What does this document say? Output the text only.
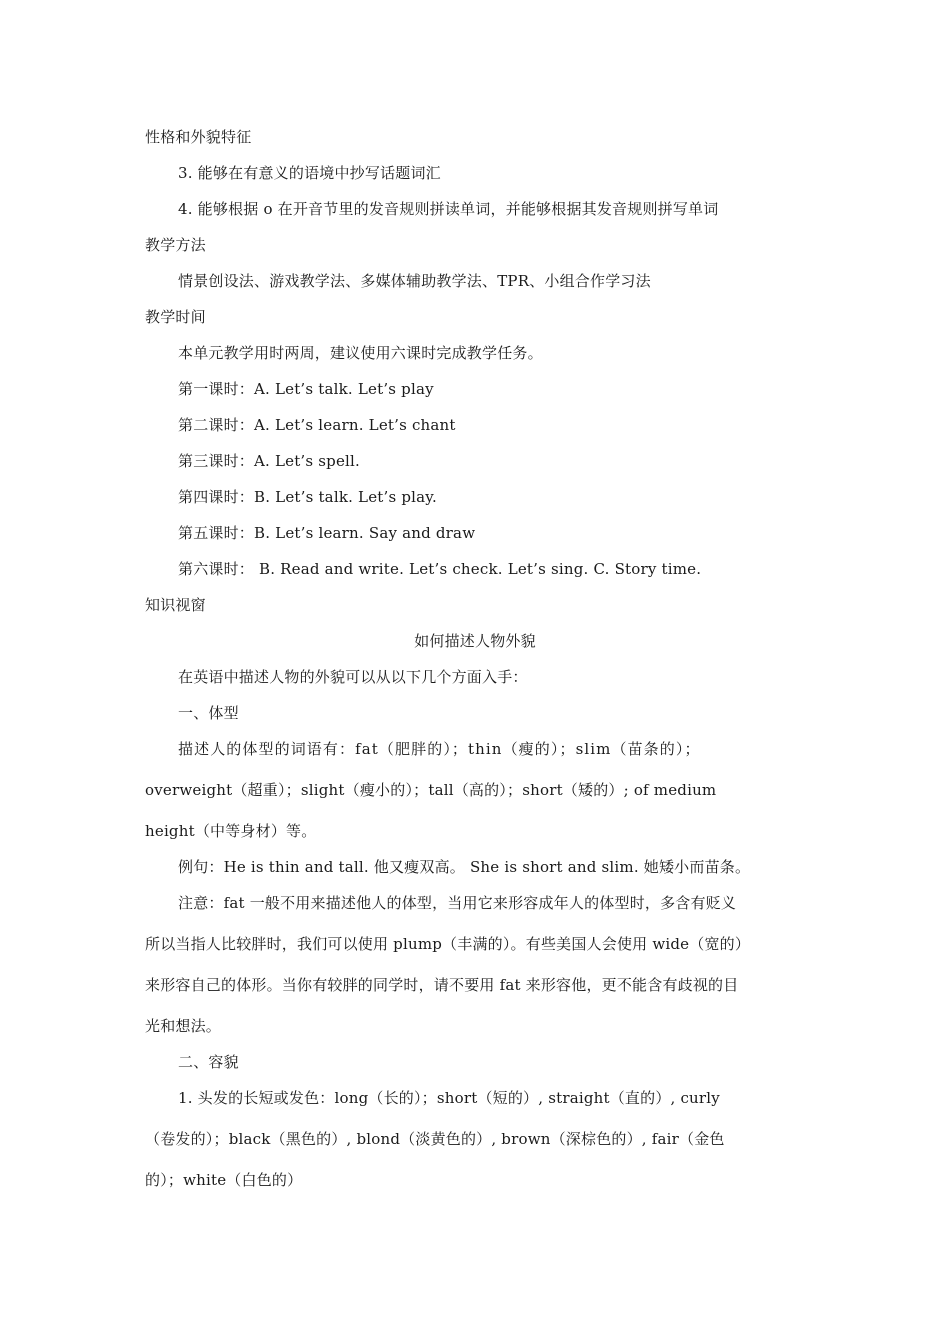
性格和外貌特征
3. 能够在有意义的语境中抄写话题词汇
4. 能够根据 o 在开音节里的发音规则拼读单词，并能够根据其发音规则拼写单词
教学方法
情景创设法、游戏教学法、多媒体辅助教学法、TPR、小组合作学习法
教学时间
本单元教学用时两周，建议使用六课时完成教学任务。
第一课时：A. Let’s talk. Let’s play
第二课时：A. Let’s learn. Let’s chant
第三课时：A. Let’s spell.
第四课时：B. Let’s talk. Let’s play.
第五课时：B. Let’s learn. Say and draw
第六课时： B. Read and write. Let’s check. Let’s sing. C. Story time.
知识视窗
如何描述人物外貌
在英语中描述人物的外貌可以从以下几个方面入手：
一、体型
描述人的体型的词语有：fat（肥胖的）；thin（瘦的）；slim（苗条的）；
overweight（超重）；slight（瘦小的）；tall（高的）；short（矮的）; of medium
height（中等身材）等。
例句：He is thin and tall. 他又瘦双高。 She is short and slim. 她矮小而苗条。
注意：fat 一般不用来描述他人的体型，当用它来形容成年人的体型时，多含有贬义
所以当指人比较胖时，我们可以使用 plump（丰满的）。有些美国人会使用 wide（宽的）
来形容自己的体形。当你有较胖的同学时，请不要用 fat 来形容他，更不能含有歧视的目
光和想法。
二、容貌
1. 头发的长短或发色：long（长的）；short（短的）, straight（直的）, curly
（卷发的）；black（黑色的）, blond（淡黄色的）, brown（深棕色的）, fair（金色
的）；white（白色的）
